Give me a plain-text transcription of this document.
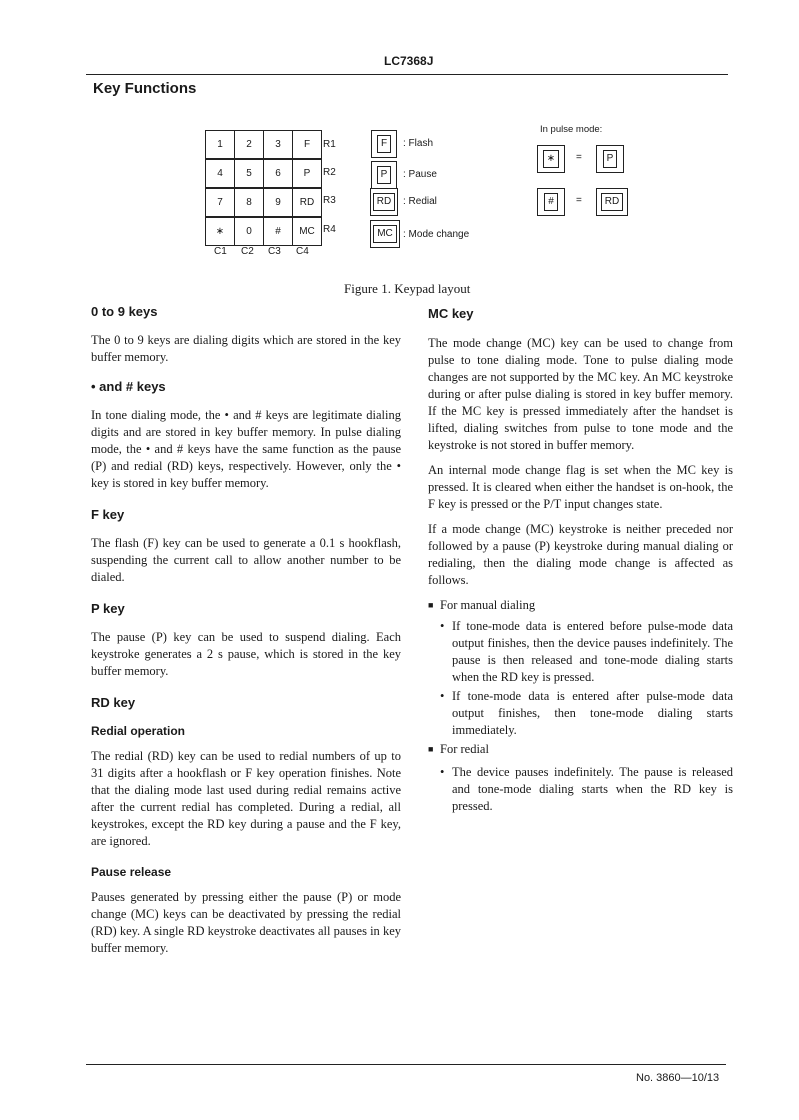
LC7368J
Key Functions
1	2	3	F
4	5	6	P
7	8	9	RD
∗	0	#	MC
R1
R2
R3
R4
C1 C2 C3 C4
F	: Flash
P	: Pause
RD	: Redial
MC	: Mode change
In pulse mode:
∗	=	P
#	=	RD
Figure 1. Keypad layout
0 to 9 keys

The 0 to 9 keys are dialing digits which are stored in the key buffer memory.

• and # keys

In tone dialing mode, the • and # keys are legitimate dialing digits and are stored in key buffer memory. In pulse dialing mode, the • and # keys have the same function as the pause (P) and redial (RD) keys, respectively. However, only the • key is stored in key buffer memory.

F key

The flash (F) key can be used to generate a 0.1 s hookflash, suspending the current call to allow another number to be dialed.

P key

The pause (P) key can be used to suspend dialing. Each keystroke generates a 2 s pause, which is stored in the key buffer memory.

RD key
Redial operation

The redial (RD) key can be used to redial numbers of up to 31 digits after a hookflash or F key operation finishes. Note that the dialing mode last used during redial remains active after the current redial has completed. During a redial, all keystrokes, except the RD key during a pause and the F key, are ignored.

Pause release

Pauses generated by pressing either the pause (P) or mode change (MC) keys can be deactivated by pressing the redial (RD) key. A single RD keystroke deactivates all pauses in key buffer memory.

MC key

The mode change (MC) key can be used to change from pulse to tone dialing mode. Tone to pulse dialing mode changes are not supported by the MC key. An MC keystroke during or after pulse dialing is stored in key buffer memory. If the MC key is pressed immediately after the handset is lifted, dialing switches from pulse to tone mode and the keystroke is not stored in buffer memory.

An internal mode change flag is set when the MC key is pressed. It is cleared when either the handset is on-hook, the F key is pressed or the P/T input changes state.

If a mode change (MC) keystroke is neither preceded nor followed by a pause (P) keystroke during manual dialing or redialing, then the dialing mode change is affected as follows.

■ For manual dialing
• If tone-mode data is entered before pulse-mode data output finishes, then the device pauses indefinitely. The pause is then released and tone-mode dialing starts when the RD key is pressed.
• If tone-mode data is entered after pulse-mode data output finishes, then tone-mode dialing starts immediately.
■ For redial
• The device pauses indefinitely. The pause is released and tone-mode dialing starts when the RD key is pressed.
No. 3860—10/13
